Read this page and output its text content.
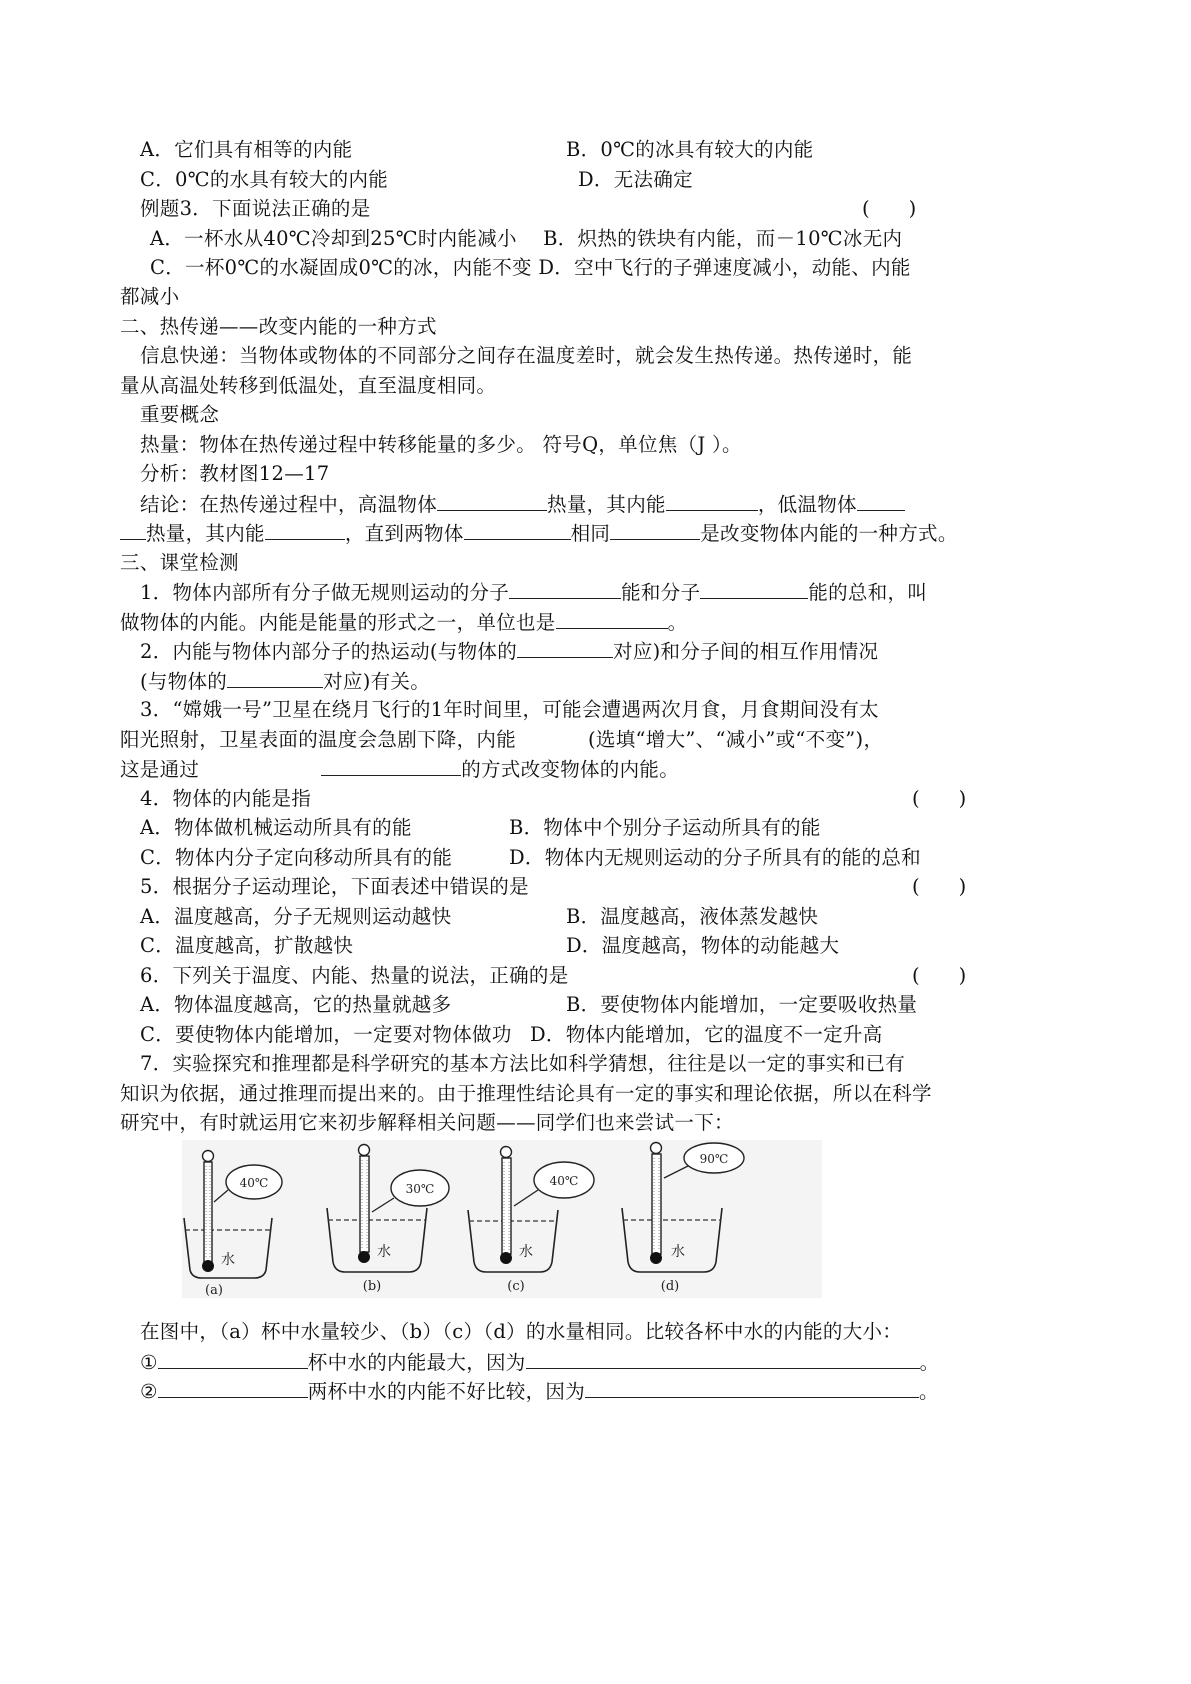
A．它们具有相等的内能	B．0℃的冰具有较大的内能
C．0℃的水具有较大的内能	D．无法确定
例题3．下面说法正确的是	(　　)
A．一杯水从40℃冷却到25℃时内能减小　 B．炽热的铁块有内能，而－10℃冰无内
C．一杯0℃的水凝固成0℃的冰，内能不变 D．空中飞行的子弹速度减小，动能、内能
都减小
二、热传递——改变内能的一种方式
信息快递：当物体或物体的不同部分之间存在温度差时，就会发生热传递。热传递时，能
量从高温处转移到低温处，直至温度相同。
重要概念
热量：物体在热传递过程中转移能量的多少。 符号Q，单位焦（J ）。
分析：教材图12—17
结论：在热传递过程中，高温物体	热量，其内能	，低温物体
热量，其内能	，直到两物体	相同	是改变物体内能的一种方式。
三、课堂检测
1．物体内部所有分子做无规则运动的分子	能和分子	能的总和，叫
做物体的内能。内能是能量的形式之一，单位也是	。
2．内能与物体内部分子的热运动(与物体的	对应)和分子间的相互作用情况
(与物体的	对应)有关。
3．“嫦娥一号”卫星在绕月飞行的1年时间里，可能会遭遇两次月食，月食期间没有太
阳光照射，卫星表面的温度会急剧下降，内能	(选填“增大”、“减小”或“不变”)，
这是通过	的方式改变物体的内能。
4．物体的内能是指	(　　)
A．物体做机械运动所具有的能	B．物体中个别分子运动所具有的能
C．物体内分子定向移动所具有的能	D．物体内无规则运动的分子所具有的能的总和
5．根据分子运动理论，下面表述中错误的是	(　　)
A．温度越高，分子无规则运动越快	B．温度越高，液体蒸发越快
C．温度越高，扩散越快	D．温度越高，物体的动能越大
6．下列关于温度、内能、热量的说法，正确的是	(　　)
A．物体温度越高，它的热量就越多	B．要使物体内能增加，一定要吸收热量
C．要使物体内能增加，一定要对物体做功 D．物体内能增加，它的温度不一定升高
7．实验探究和推理都是科学研究的基本方法比如科学猜想，往往是以一定的事实和已有
知识为依据，通过推理而提出来的。由于推理性结论具有一定的事实和理论依据，所以在科学
研究中，有时就运用它来初步解释相关问题——同学们也来尝试一下：
40℃
水
(a)
30℃
水
(b)
40℃
水
(c)
90℃
水
(d)
在图中，（a）杯中水量较少、（b）（c）（d）的水量相同。比较各杯中水的内能的大小：
①	杯中水的内能最大，因为	。
②	两杯中水的内能不好比较，因为	。
